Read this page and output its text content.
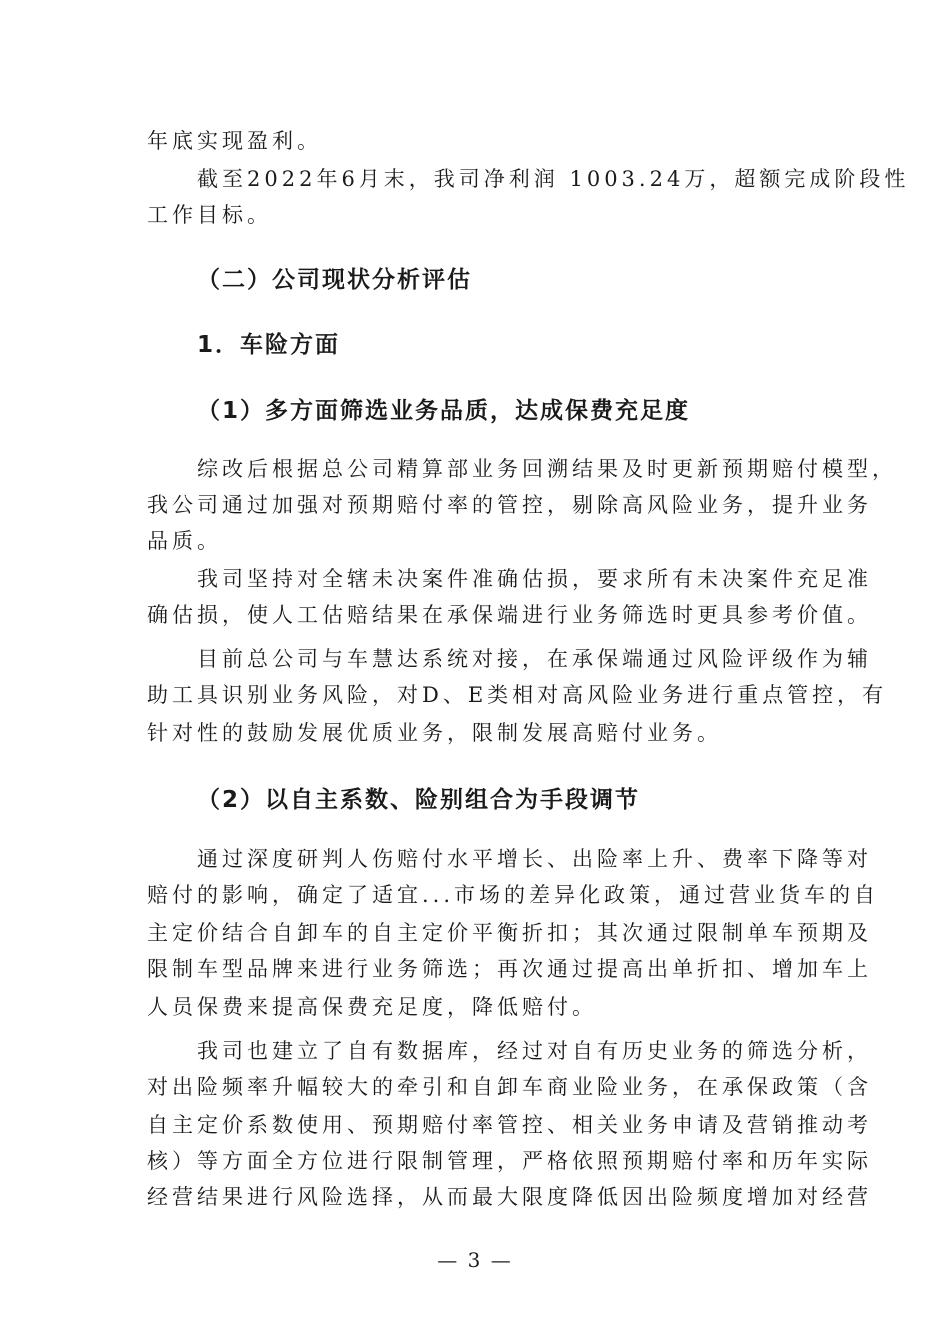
年底实现盈利。
　　截至2022年6月末，我司净利润 1003.24万，超额完成阶段性
工作目标。
（二）公司现状分析评估
1．车险方面
（1）多方面筛选业务品质，达成保费充足度
　　综改后根据总公司精算部业务回溯结果及时更新预期赔付模型，
我公司通过加强对预期赔付率的管控，剔除高风险业务，提升业务
品质。
　　我司坚持对全辖未决案件准确估损，要求所有未决案件充足准
确估损，使人工估赔结果在承保端进行业务筛选时更具参考价值。
　　目前总公司与车慧达系统对接，在承保端通过风险评级作为辅
助工具识别业务风险，对D、E类相对高风险业务进行重点管控，有
针对性的鼓励发展优质业务，限制发展高赔付业务。
（2）以自主系数、险别组合为手段调节
　　通过深度研判人伤赔付水平增长、出险率上升、费率下降等对
赔付的影响，确定了适宜...市场的差异化政策，通过营业货车的自
主定价结合自卸车的自主定价平衡折扣；其次通过限制单车预期及
限制车型品牌来进行业务筛选；再次通过提高出单折扣、增加车上
人员保费来提高保费充足度，降低赔付。
　　我司也建立了自有数据库，经过对自有历史业务的筛选分析，
对出险频率升幅较大的牵引和自卸车商业险业务，在承保政策（含
自主定价系数使用、预期赔付率管控、相关业务申请及营销推动考
核）等方面全方位进行限制管理，严格依照预期赔付率和历年实际
经营结果进行风险选择，从而最大限度降低因出险频度增加对经营
— 3 —
